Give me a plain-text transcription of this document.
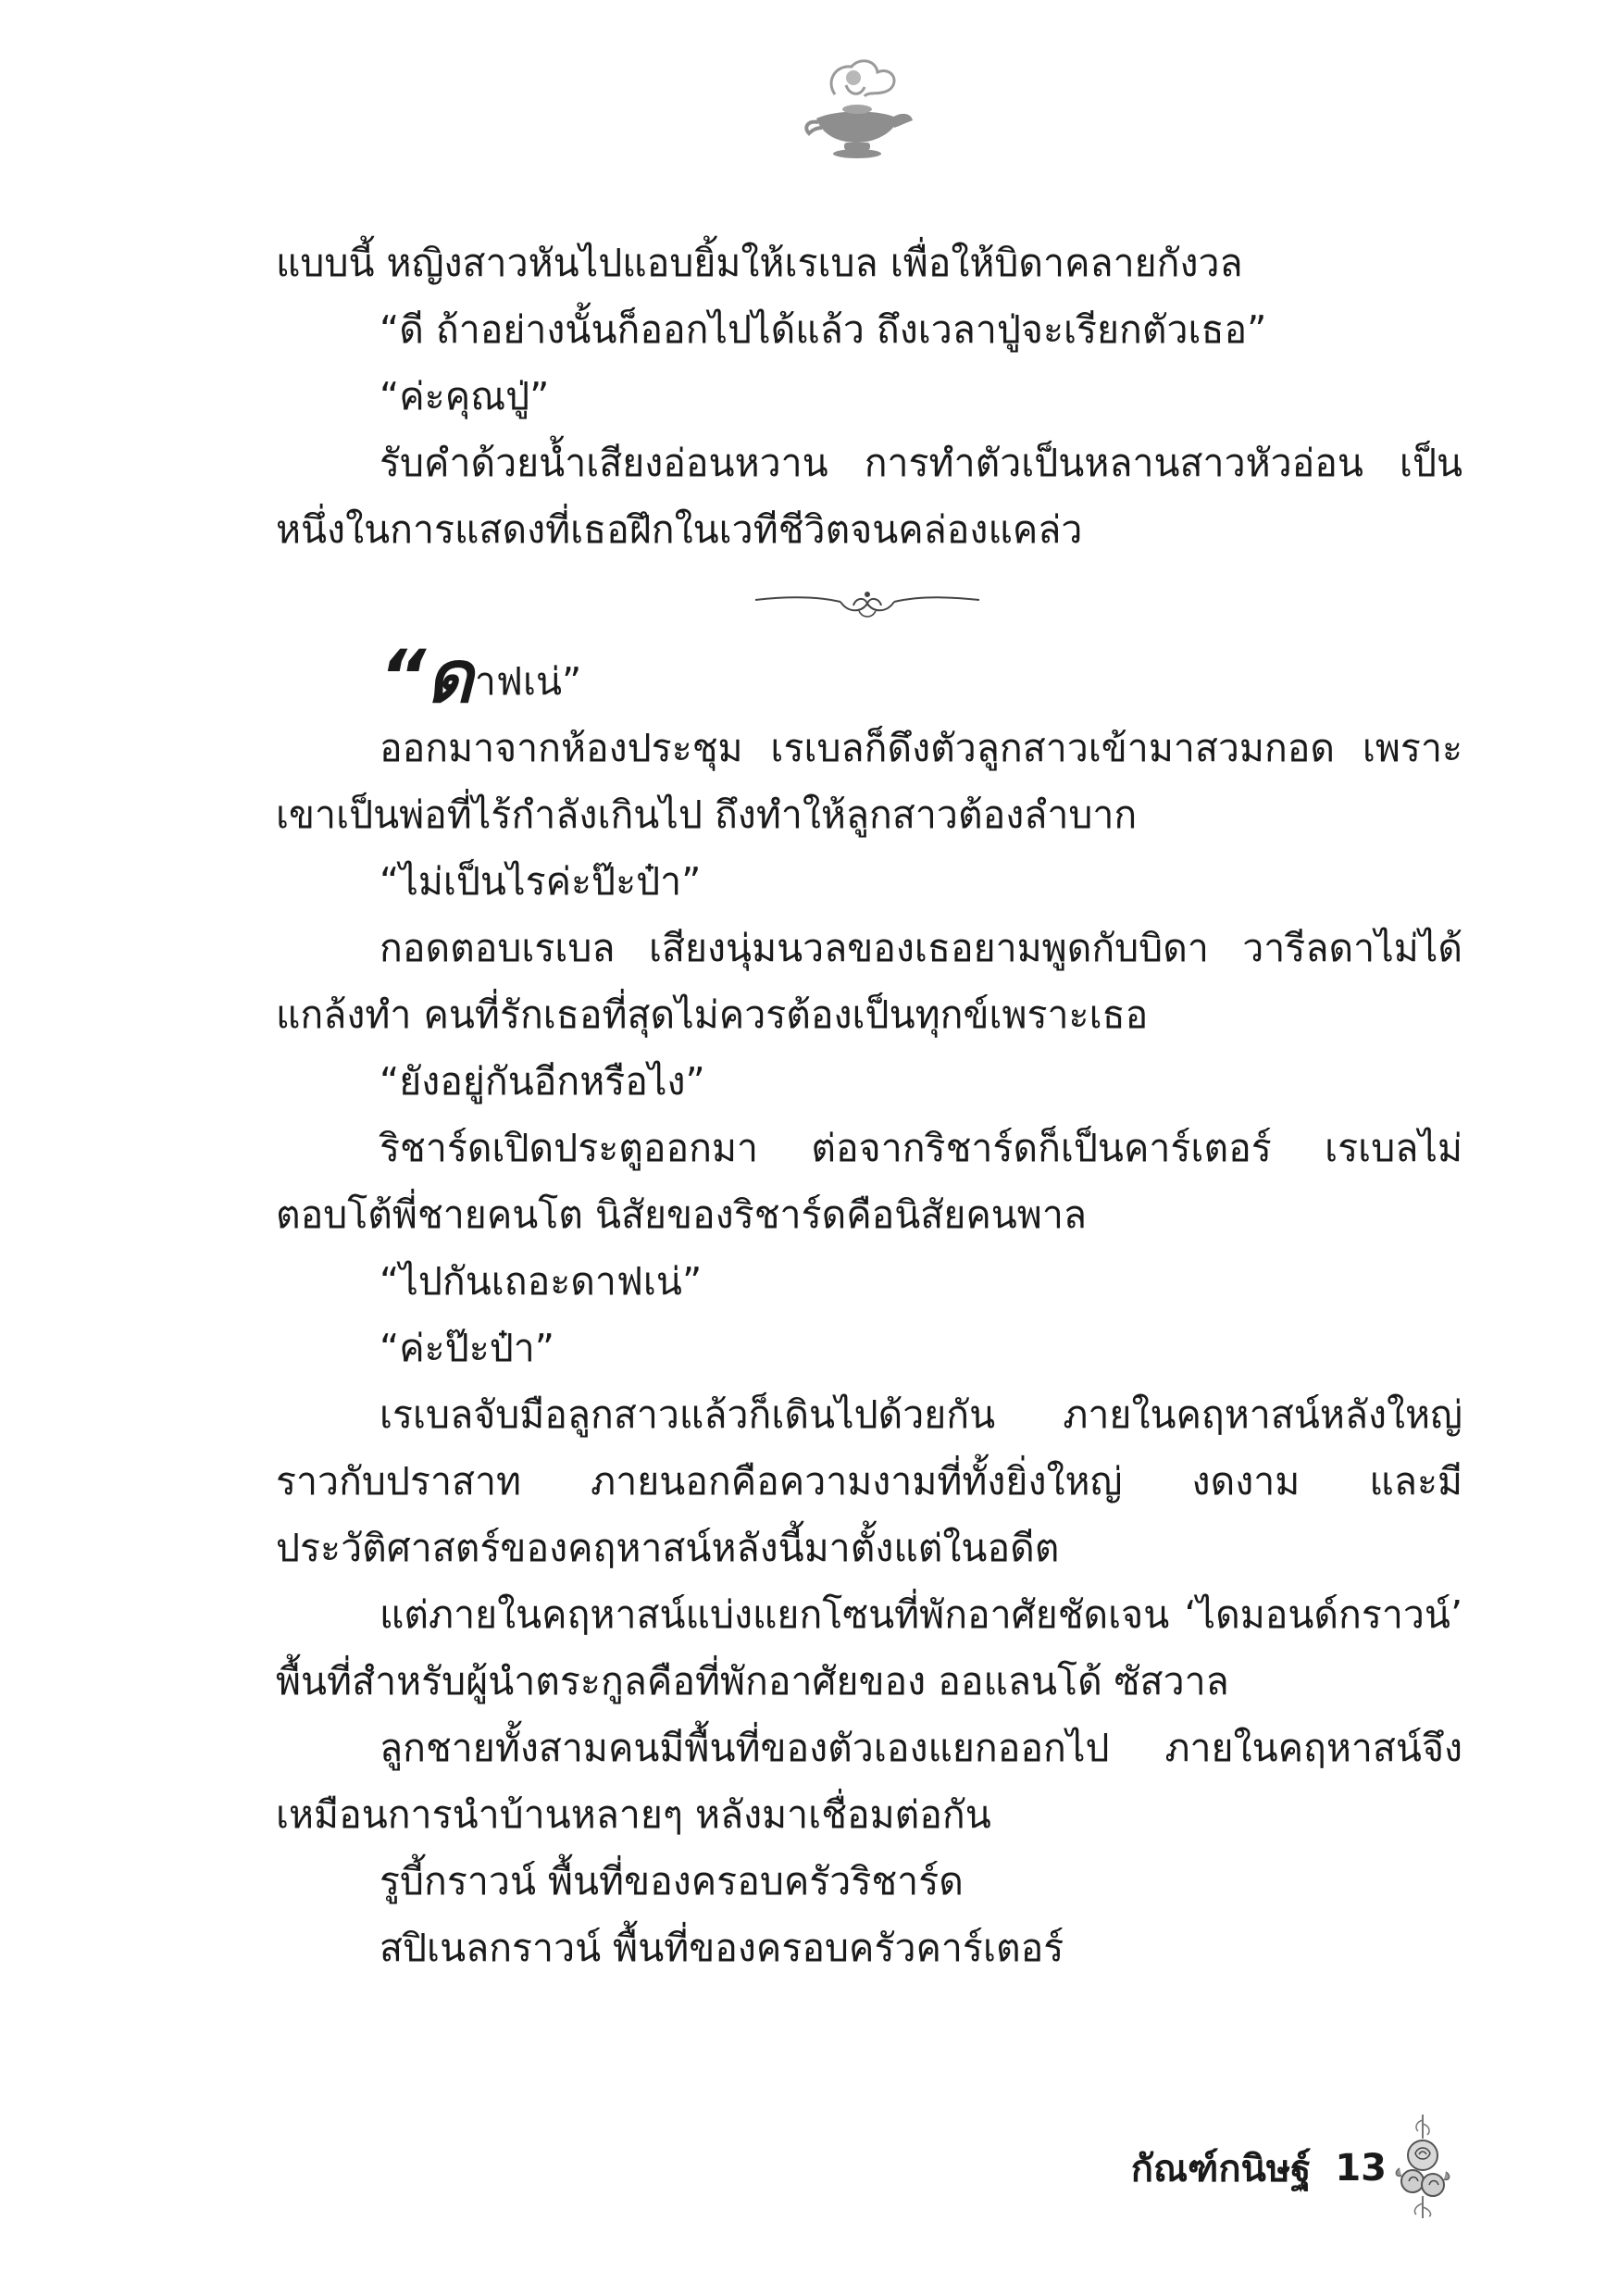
แบบนี้ หญิงสาวหันไปแอบยิ้มให้เรเบล เพื่อให้บิดาคลายกังวล

“ดี ถ้าอย่างนั้นก็ออกไปได้แล้ว ถึงเวลาปู่จะเรียกตัวเธอ”

“ค่ะคุณปู่”

รับคำด้วยน้ำเสียงอ่อนหวาน การทำตัวเป็นหลานสาวหัวอ่อน เป็นหนึ่งในการแสดงที่เธอฝึกในเวทีชีวิตจนคล่องแคล่ว

“ดาฟเน่”

ออกมาจากห้องประชุม เรเบลก็ดึงตัวลูกสาวเข้ามาสวมกอด เพราะเขาเป็นพ่อที่ไร้กำลังเกินไป ถึงทำให้ลูกสาวต้องลำบาก

“ไม่เป็นไรค่ะป๊ะป๋า”

กอดตอบเรเบล เสียงนุ่มนวลของเธอยามพูดกับบิดา วารีลดาไม่ได้แกล้งทำ คนที่รักเธอที่สุดไม่ควรต้องเป็นทุกข์เพราะเธอ

“ยังอยู่กันอีกหรือไง”

ริชาร์ดเปิดประตูออกมา ต่อจากริชาร์ดก็เป็นคาร์เตอร์ เรเบลไม่ตอบโต้พี่ชายคนโต นิสัยของริชาร์ดคือนิสัยคนพาล

“ไปกันเถอะดาฟเน่”

“ค่ะป๊ะป๋า”

เรเบลจับมือลูกสาวแล้วก็เดินไปด้วยกัน ภายในคฤหาสน์หลังใหญ่ราวกับปราสาท ภายนอกคือความงามที่ทั้งยิ่งใหญ่ งดงาม และมีประวัติศาสตร์ของคฤหาสน์หลังนี้มาตั้งแต่ในอดีต

แต่ภายในคฤหาสน์แบ่งแยกโซนที่พักอาศัยชัดเจน ‘ไดมอนด์กราวน์’ พื้นที่สำหรับผู้นำตระกูลคือที่พักอาศัยของ ออแลนโด้ ซัสวาล

ลูกชายทั้งสามคนมีพื้นที่ของตัวเองแยกออกไป ภายในคฤหาสน์จึงเหมือนการนำบ้านหลายๆ หลังมาเชื่อมต่อกัน

รูบี้กราวน์ พื้นที่ของครอบครัวริชาร์ด

สปิเนลกราวน์ พื้นที่ของครอบครัวคาร์เตอร์

กัณฑ์กนิษฐ์ 13
